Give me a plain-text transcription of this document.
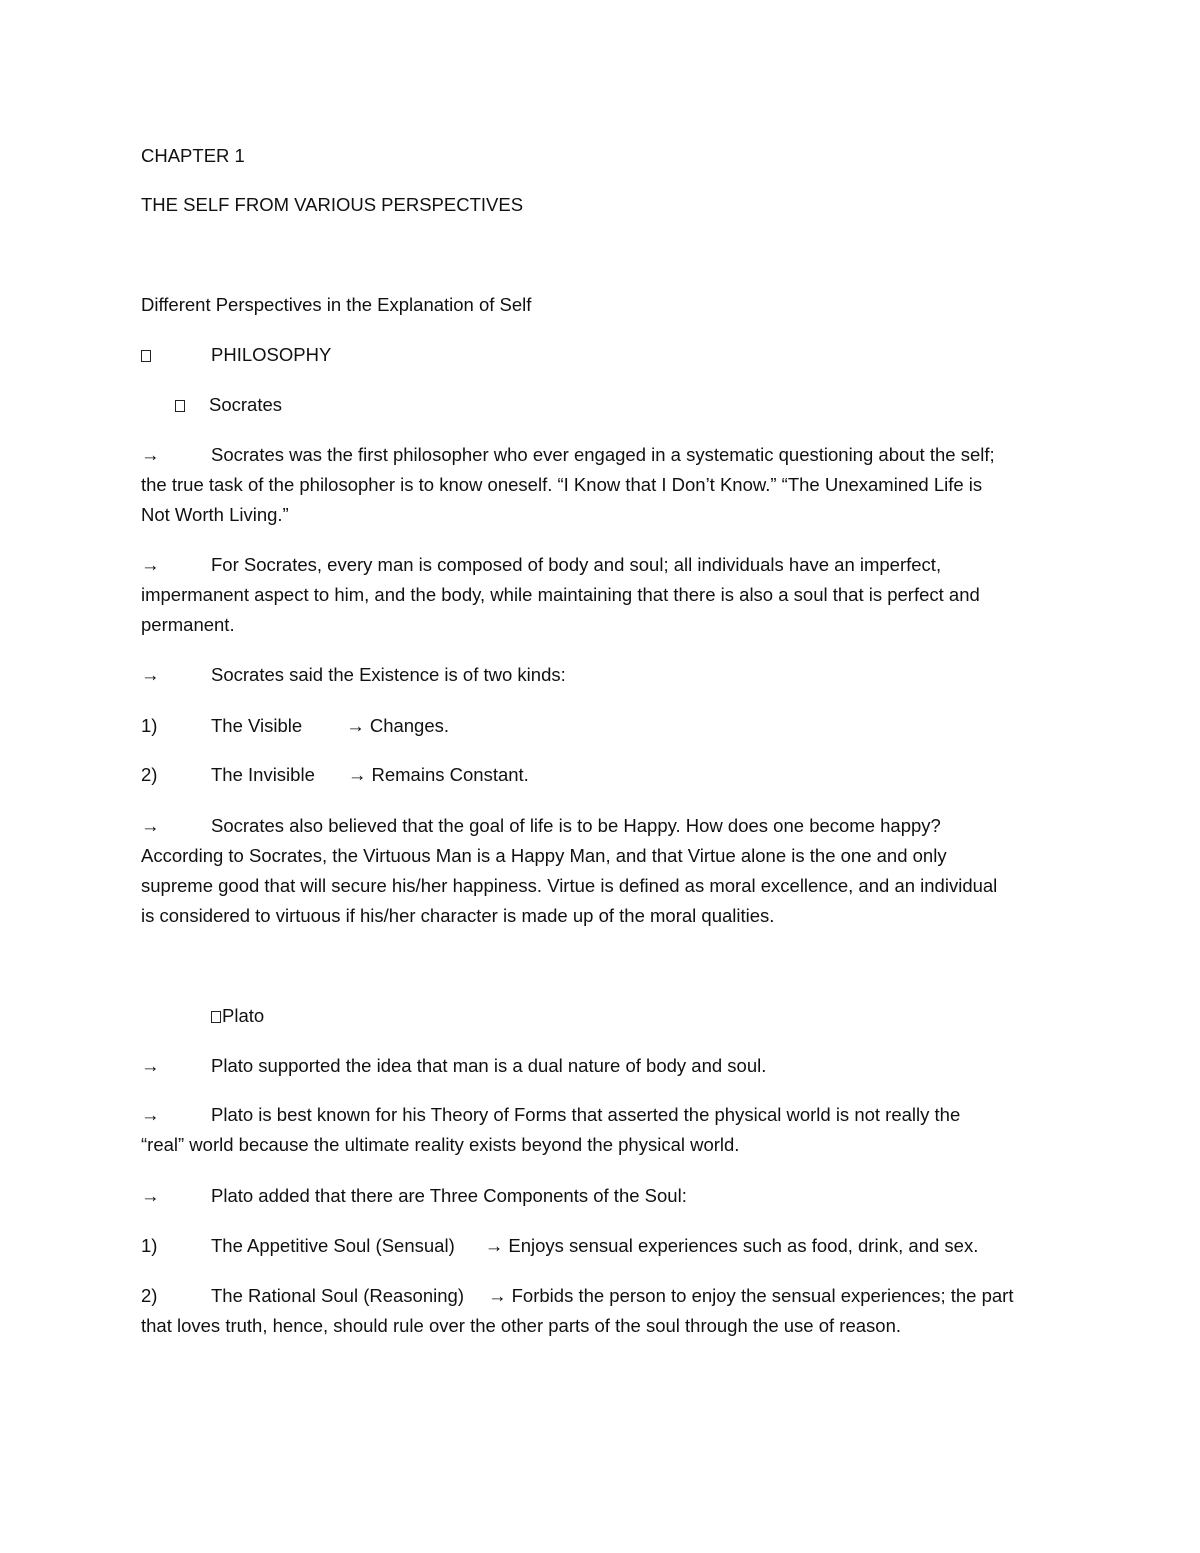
CHAPTER 1
THE SELF FROM VARIOUS PERSPECTIVES
Different Perspectives in the Explanation of Self
PHILOSOPHY
Socrates
→	Socrates was the first philosopher who ever engaged in a systematic questioning about the self;
the true task of the philosopher is to know oneself. “I Know that I Don’t Know.” “The Unexamined Life is
Not Worth Living.”
→	For Socrates, every man is composed of body and soul; all individuals have an imperfect,
impermanent aspect to him, and the body, while maintaining that there is also a soul that is perfect and
permanent.
→	Socrates said the Existence is of two kinds:
1)	The Visible → Changes.
2)	The Invisible → Remains Constant.
→	Socrates also believed that the goal of life is to be Happy. How does one become happy?
According to Socrates, the Virtuous Man is a Happy Man, and that Virtue alone is the one and only
supreme good that will secure his/her happiness. Virtue is defined as moral excellence, and an individual
is considered to virtuous if his/her character is made up of the moral qualities.
Plato
→	Plato supported the idea that man is a dual nature of body and soul.
→	Plato is best known for his Theory of Forms that asserted the physical world is not really the
“real” world because the ultimate reality exists beyond the physical world.
→	Plato added that there are Three Components of the Soul:
1)	The Appetitive Soul (Sensual) → Enjoys sensual experiences such as food, drink, and sex.
2)	The Rational Soul (Reasoning) → Forbids the person to enjoy the sensual experiences; the part
that loves truth, hence, should rule over the other parts of the soul through the use of reason.
